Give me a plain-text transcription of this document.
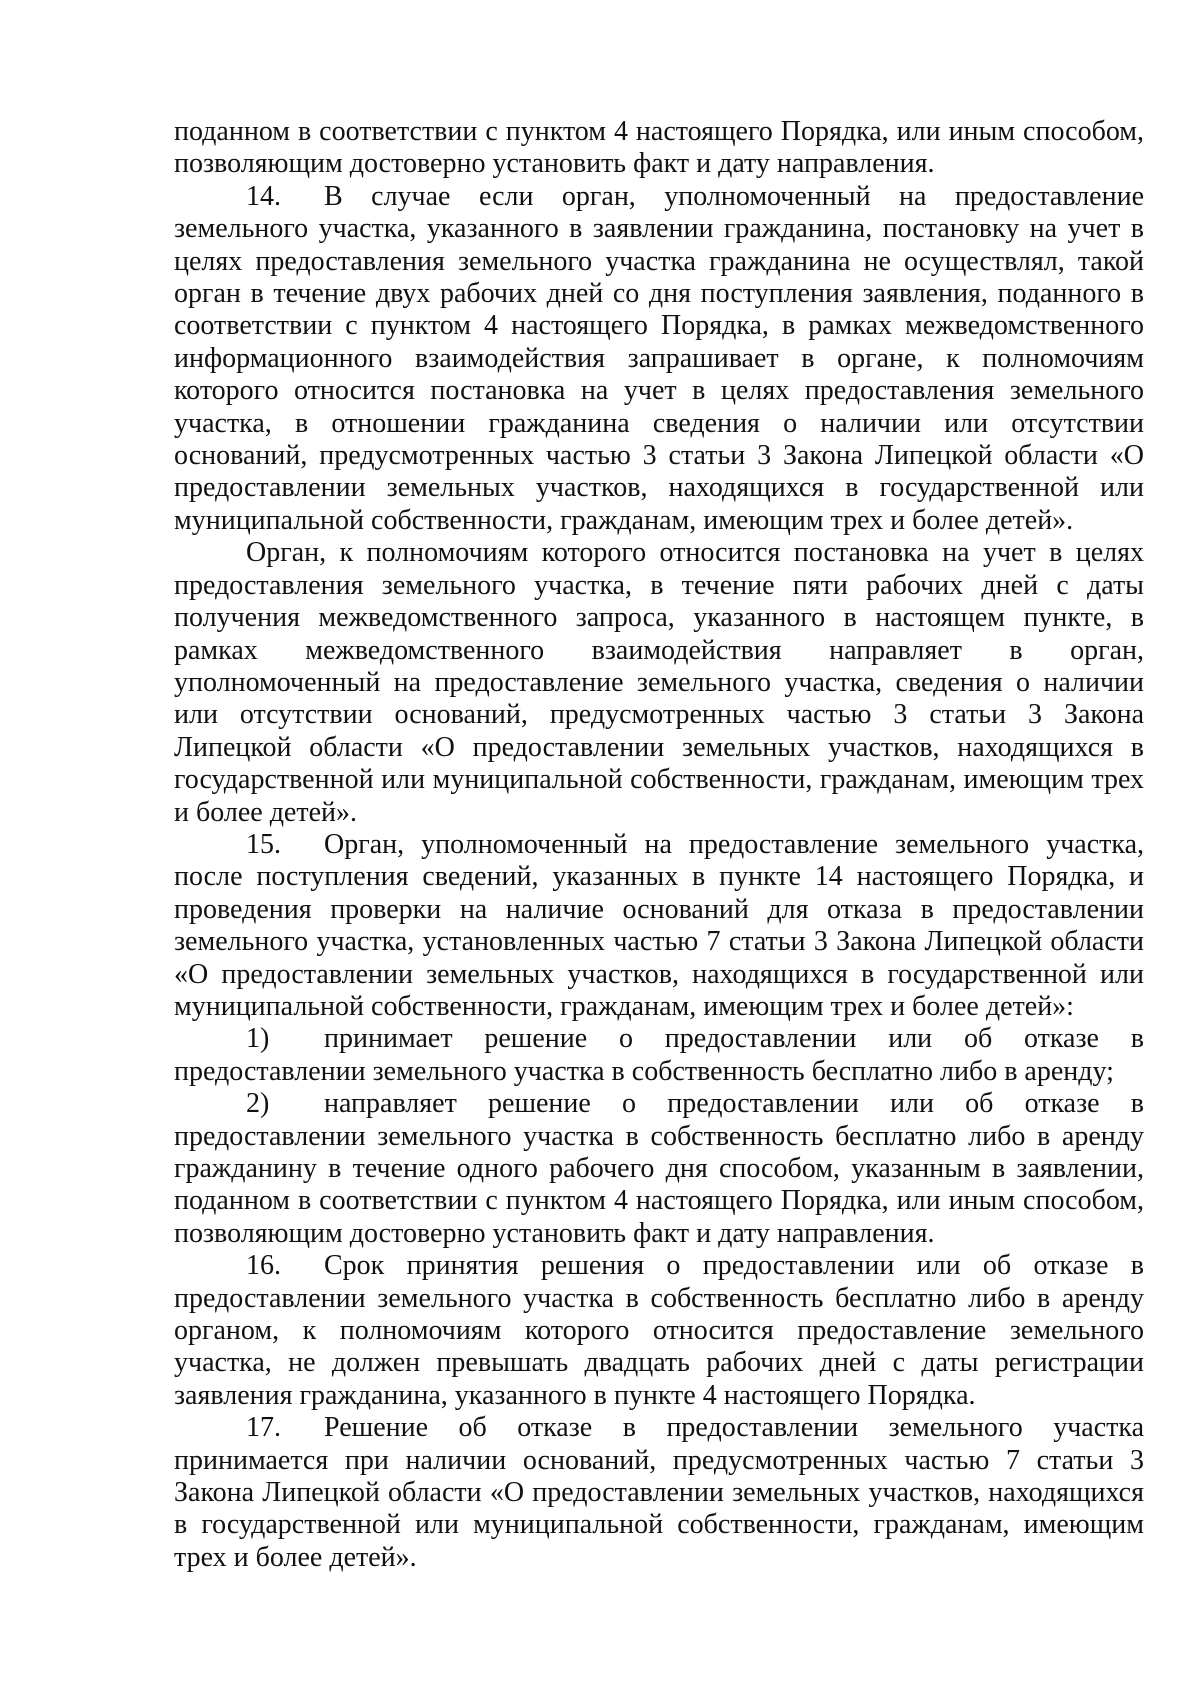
поданном в соответствии с пунктом 4 настоящего Порядка, или иным способом, позволяющим достоверно установить факт и дату направления.

14. В случае если орган, уполномоченный на предоставление земельного участка, указанного в заявлении гражданина, постановку на учет в целях предоставления земельного участка гражданина не осуществлял, такой орган в течение двух рабочих дней со дня поступления заявления, поданного в соответствии с пунктом 4 настоящего Порядка, в рамках межведомственного информационного взаимодействия запрашивает в органе, к полномочиям которого относится постановка на учет в целях предоставления земельного участка, в отношении гражданина сведения о наличии или отсутствии оснований, предусмотренных частью 3 статьи 3 Закона Липецкой области «О предоставлении земельных участков, находящихся в государственной или муниципальной собственности, гражданам, имеющим трех и более детей».

Орган, к полномочиям которого относится постановка на учет в целях предоставления земельного участка, в течение пяти рабочих дней с даты получения межведомственного запроса, указанного в настоящем пункте, в рамках межведомственного взаимодействия направляет в орган, уполномоченный на предоставление земельного участка, сведения о наличии или отсутствии оснований, предусмотренных частью 3 статьи 3 Закона Липецкой области «О предоставлении земельных участков, находящихся в государственной или муниципальной собственности, гражданам, имеющим трех и более детей».

15. Орган, уполномоченный на предоставление земельного участка, после поступления сведений, указанных в пункте 14 настоящего Порядка, и проведения проверки на наличие оснований для отказа в предоставлении земельного участка, установленных частью 7 статьи 3 Закона Липецкой области «О предоставлении земельных участков, находящихся в государственной или муниципальной собственности, гражданам, имеющим трех и более детей»:

1) принимает решение о предоставлении или об отказе в предоставлении земельного участка в собственность бесплатно либо в аренду;

2) направляет решение о предоставлении или об отказе в предоставлении земельного участка в собственность бесплатно либо в аренду гражданину в течение одного рабочего дня способом, указанным в заявлении, поданном в соответствии с пунктом 4 настоящего Порядка, или иным способом, позволяющим достоверно установить факт и дату направления.

16. Срок принятия решения о предоставлении или об отказе в предоставлении земельного участка в собственность бесплатно либо в аренду органом, к полномочиям которого относится предоставление земельного участка, не должен превышать двадцать рабочих дней с даты регистрации заявления гражданина, указанного в пункте 4 настоящего Порядка.

17. Решение об отказе в предоставлении земельного участка принимается при наличии оснований, предусмотренных частью 7 статьи 3 Закона Липецкой области «О предоставлении земельных участков, находящихся в государственной или муниципальной собственности, гражданам, имеющим трех и более детей».
